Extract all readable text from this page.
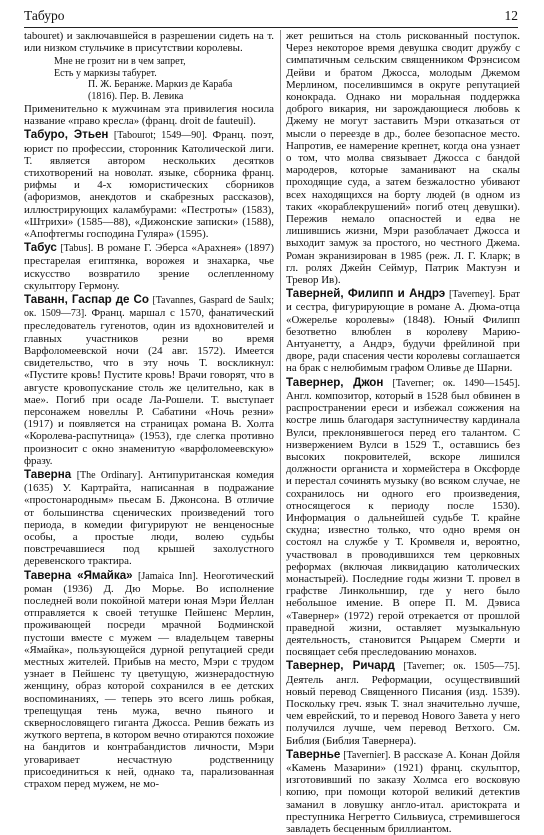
Табуро	12

tabouret) и заключавшейся в разрешении сидеть на т. или низком стульчике в присутствии королевы.

Мне не грозит ни в чем запрет,
Есть у маркизы табурет.
П. Ж. Беранже. Маркиз де Караба
(1816). Пер. В. Левика

Применительно к мужчинам эта привилегия носила название «право кресла» (франц. droit de fauteuil).

Табуро, Этьен [Tabourot; 1549—90]. Франц. поэт, юрист по профессии, сторонник Католической лиги. Т. является автором нескольких десятков стихотворений на новолат. языке, сборника франц. рифмы и 4-х юмористических сборников (афоризмов, анекдотов и скабрезных рассказов), иллюстрирующих каламбурами: «Пестроты» (1583), «Штрихи» (1585—88), «Дижонские записки» (1588), «Апофтегмы господина Гуляра» (1595).

Табус [Tabus]. В романе Г. Эберса «Арахнея» (1897) престарелая египтянка, ворожея и знахарка, чье искусство возвратило зрение ослепленному скульптору Гермону.

Таванн, Гаспар де Со [Tavannes, Gaspard de Saulx; ок. 1509—73]. Франц. маршал с 1570, фанатический преследователь гугенотов, один из вдохновителей и главных участников резни во время Варфоломеевской ночи (24 авг. 1572). Имеется свидетельство, что в эту ночь Т. воскликнул: «Пустите кровь! Пустите кровь! Врачи говорят, что в августе кровопускание столь же целительно, как в мае». Погиб при осаде Ла-Рошели. Т. выступает персонажем новеллы Р. Сабатини «Ночь резни» (1917) и появляется на страницах романа В. Холта «Королева-распутница» (1953), где слегка противно произносит с окно знаменитую «варфоломеевскую» фразу.

Таверна [The Ordinary]. Антипуританская комедия (1635) У. Картрайта, написанная в подражание «простонародным» пьесам Б. Джонсона. В отличие от большинства сценических произведений того периода, в комедии фигурируют не венценосные особы, а простые люди, волею судьбы повстречавшиеся под крышей захолустного деревенского трактира.

Таверна «Ямайка» [Jamaica Inn]. Неоготический роман (1936) Д. Дю Морье. Во исполнение последней воли покойной матери юная Мэри Йеллан отправляется к своей тетушке Пейшенс Мерлин, проживающей посреди мрачной Бодминской пустоши вместе с мужем — владельцем таверны «Ямайка», пользующейся дурной репутацией среди местных жителей. Прибыв на место, Мэри с трудом узнает в Пейшенс ту цветущую, жизнерадостную женщину, образ которой сохранился в ее детских воспоминаниях, — теперь это всего лишь робкая, трепещущая тень мужа, вечно пьяного и сквернословящего гиганта Джосса. Решив бежать из жуткого вертепа, в котором вечно отираются похожие на бандитов и контрабандистов личности, Мэри уговаривает несчастную родственницу присоединиться к ней, однако та, парализованная страхом перед мужем, не мо-

жет решиться на столь рискованный поступок. Через некоторое время девушка сводит дружбу с симпатичным сельским священником Фрэнсисом Дейви и братом Джосса, молодым Джемом Мерлином, поселившимся в округе репутацией конокрада. Однако ни моральная поддержка доброго викария, ни зарождающиеся любовь к Джему не могут заставить Мэри отказаться от мысли о переезде в др., более безопасное место. Напротив, ее намерение крепнет, когда она узнает о том, что молва связывает Джосса с бандой мародеров, которые заманивают на скалы проходящие суда, а затем безжалостно убивают всех находящихся на борту людей (в одном из таких «кораблекрушений» погиб отец девушки). Пережив немало опасностей и едва не лишившись жизни, Мэри разоблачает Джосса и выходит замуж за простого, но честного Джема. Роман экранизирован в 1985 (реж. Л. Г. Кларк; в гл. ролях Джейн Сеймур, Патрик Мактуэн и Тревор Ив).

Таверней, Филипп и Андрэ [Taverney]. Брат и сестра, фигурирующие в романе А. Дюма-отца «Ожерелье королевы» (1848). Юный Филипп безответно влюблен в королеву Марию-Антуанетту, а Андрэ, будучи фрейлиной при дворе, ради спасения чести королевы соглашается на брак с нелюбимым графом Оливье де Шарни.

Тавернер, Джон [Taverner; ок. 1490—1545]. Англ. композитор, который в 1528 был обвинен в распространении ереси и избежал сожжения на костре лишь благодаря заступничеству кардинала Вулси, преклонявшегося перед его талантом. С низвержением Вулси в 1529 Т., оставшись без высоких покровителей, вскоре лишился должности органиста и хормейстера в Оксфорде и перестал сочинять музыку (во всяком случае, не сохранилось ни одного его произведения, относящегося к периоду после 1530). Информация о дальнейшей судьбе Т. крайне скудна; известно только, что одно время он состоял на службе у Т. Кромвеля и, вероятно, участвовал в проводившихся тем церковных реформах (включая ликвидацию католических монастырей). Последние годы жизни Т. провел в графстве Линкольншир, где у него было небольшое имение. В опере П. М. Дэвиса «Тавернер» (1972) герой отрекается от прошлой праведной жизни, оставляет музыкальную деятельность, становится Рыцарем Смерти и посвящает себя преследованию монахов.

Тавернер, Ричард [Taverner; ок. 1505—75]. Деятель англ. Реформации, осуществивший новый перевод Священного Писания (изд. 1539). Поскольку греч. язык Т. знал значительно лучше, чем еврейский, то и перевод Нового Завета у него получился лучше, чем перевод Ветхого. См. Библия (Библия Тавернера).

Таверньe [Tavernier]. В рассказе А. Конан Дойля «Камень Мазарини» (1921) франц. скульптор, изготовивший по заказу Холмса его восковую копию, при помощи которой великий детектив заманил в ловушку англо-итал. аристократа и преступника Негретто Сильвиуса, стремившегося завладеть бесценным бриллиантом.
